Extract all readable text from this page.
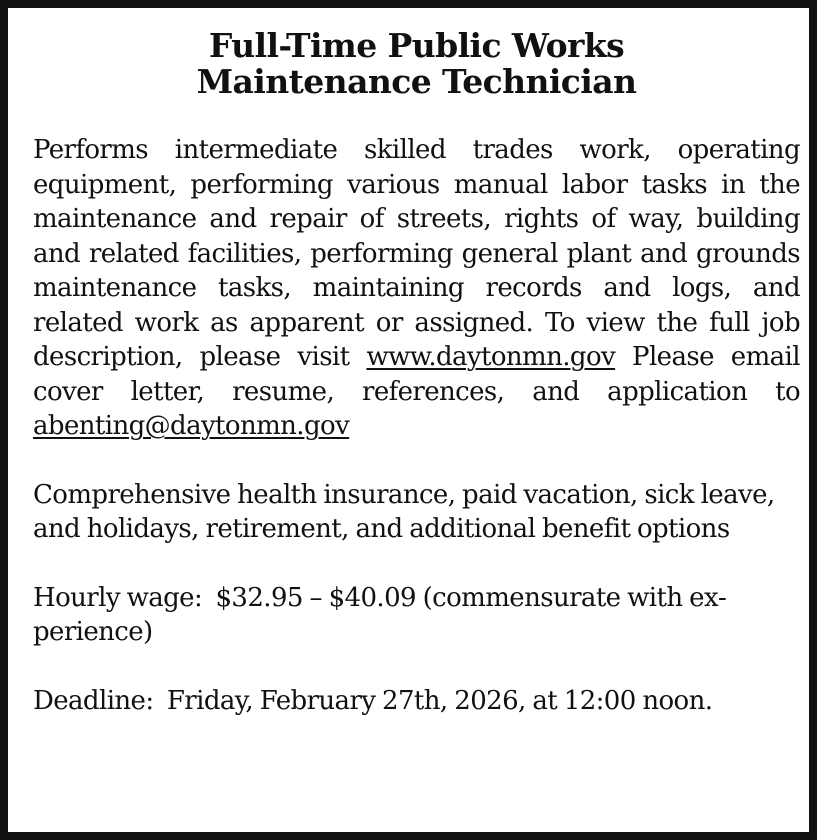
Full-Time Public Works
Maintenance Technician

Performs intermediate skilled trades work, operating equipment, performing various manual labor tasks in the maintenance and repair of streets, rights of way, building and related facilities, performing general plant and grounds maintenance tasks, maintaining records and logs, and related work as apparent or assigned. To view the full job description, please visit www.daytonmn.gov Please email cover letter, resume, references, and application to abenting@daytonmn.gov

Comprehensive health insurance, paid vacation, sick leave, and holidays, retirement, and additional benefit options

Hourly wage: $32.95 – $40.09 (commensurate with experience)

Deadline: Friday, February 27th, 2026, at 12:00 noon.
